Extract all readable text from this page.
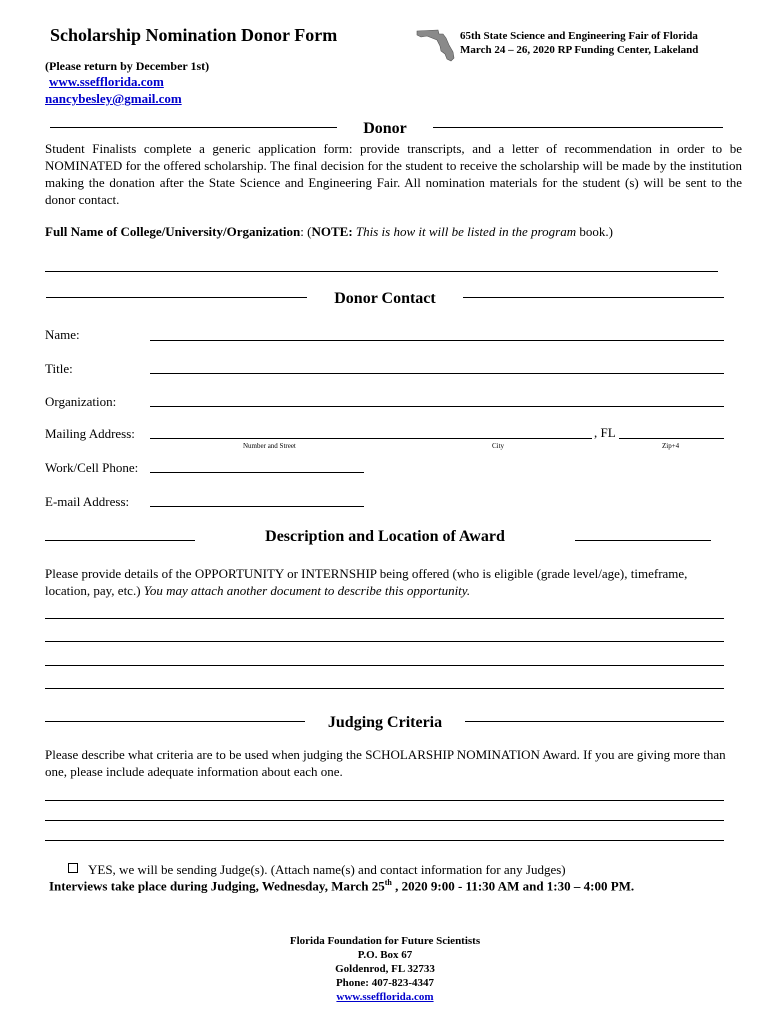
Scholarship Nomination Donor Form	65th State Science and Engineering Fair of Florida
March 24 – 26, 2020 RP Funding Center, Lakeland
(Please return by December 1st)
www.ssefflorida.com
nancybesley@gmail.com
Donor
Student Finalists complete a generic application form: provide transcripts, and a letter of recommendation in order to be NOMINATED for the offered scholarship. The final decision for the student to receive the scholarship will be made by the institution making the donation after the State Science and Engineering Fair. All nomination materials for the student (s) will be sent to the donor contact.
Full Name of College/University/Organization: (NOTE: This is how it will be listed in the program book.)
Donor Contact
Name:
Title:
Organization:
Mailing Address:	, FL
Number and Street	City	Zip+4
Work/Cell Phone:
E-mail Address:
Description and Location of Award
Please provide details of the OPPORTUNITY or INTERNSHIP being offered (who is eligible (grade level/age), timeframe, location, pay, etc.) You may attach another document to describe this opportunity.
Judging Criteria
Please describe what criteria are to be used when judging the SCHOLARSHIP NOMINATION Award. If you are giving more than one, please include adequate information about each one.
YES, we will be sending Judge(s). (Attach name(s) and contact information for any Judges)
Interviews take place during Judging, Wednesday, March 25th , 2020 9:00 - 11:30 AM and 1:30 – 4:00 PM.
Florida Foundation for Future Scientists
P.O. Box 67
Goldenrod, FL 32733
Phone: 407-823-4347
www.ssefflorida.com
